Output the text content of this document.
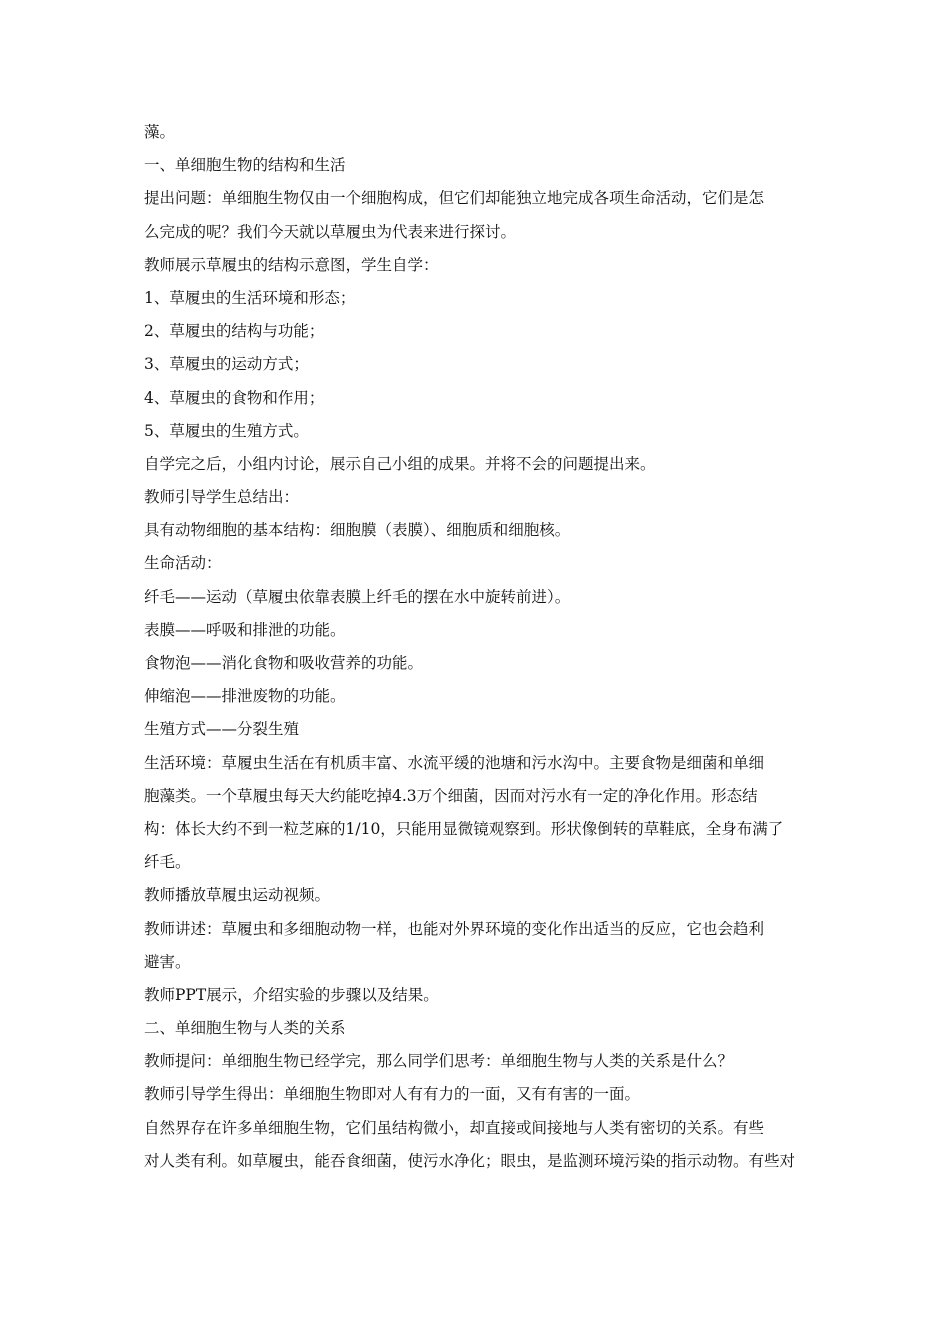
藻。

一、单细胞生物的结构和生活

提出问题：单细胞生物仅由一个细胞构成，但它们却能独立地完成各项生命活动，它们是怎

么完成的呢？我们今天就以草履虫为代表来进行探讨。

教师展示草履虫的结构示意图，学生自学：

1、草履虫的生活环境和形态；

2、草履虫的结构与功能；

3、草履虫的运动方式；

4、草履虫的食物和作用；

5、草履虫的生殖方式。

自学完之后，小组内讨论，展示自己小组的成果。并将不会的问题提出来。

教师引导学生总结出：

具有动物细胞的基本结构：细胞膜（表膜）、细胞质和细胞核。

生命活动：

纤毛——运动（草履虫依靠表膜上纤毛的摆在水中旋转前进）。

表膜——呼吸和排泄的功能。

食物泡——消化食物和吸收营养的功能。

伸缩泡——排泄废物的功能。

生殖方式——分裂生殖

生活环境：草履虫生活在有机质丰富、水流平缓的池塘和污水沟中。主要食物是细菌和单细

胞藻类。一个草履虫每天大约能吃掉4.3万个细菌，因而对污水有一定的净化作用。形态结

构：体长大约不到一粒芝麻的1/10，只能用显微镜观察到。形状像倒转的草鞋底，全身布满了

纤毛。

教师播放草履虫运动视频。

教师讲述：草履虫和多细胞动物一样，也能对外界环境的变化作出适当的反应，它也会趋利

避害。

教师PPT展示，介绍实验的步骤以及结果。

二、单细胞生物与人类的关系

教师提问：单细胞生物已经学完，那么同学们思考：单细胞生物与人类的关系是什么？

教师引导学生得出：单细胞生物即对人有有力的一面，又有有害的一面。

自然界存在许多单细胞生物，它们虽结构微小，却直接或间接地与人类有密切的关系。有些

对人类有利。如草履虫，能吞食细菌，使污水净化；眼虫，是监测环境污染的指示动物。有些对
